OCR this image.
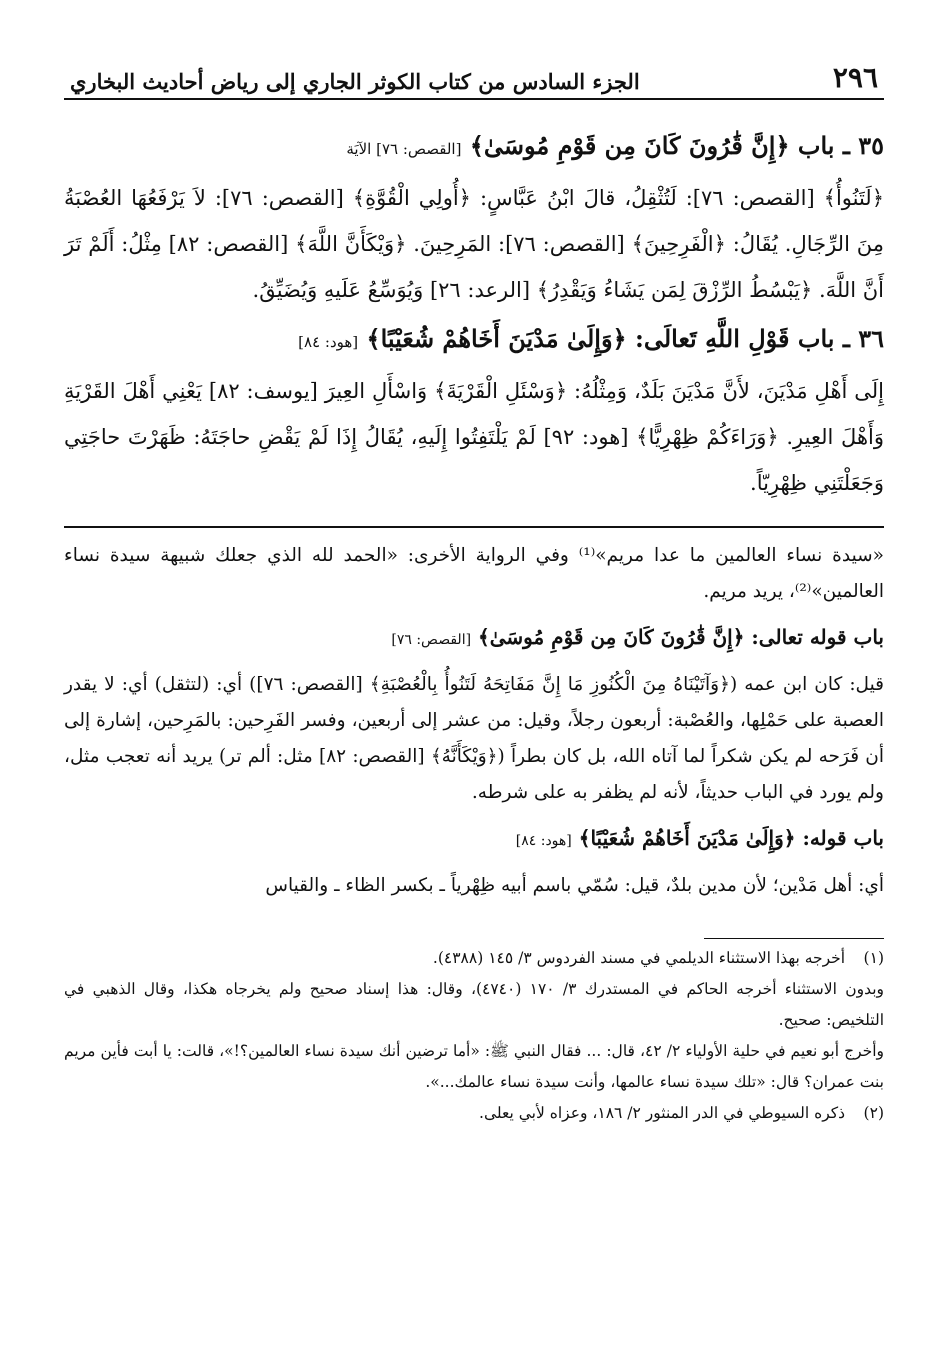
٢٩٦
الجزء السادس من كتاب الكوثر الجاري إلى رياض أحاديث البخاري
٣٥ ـ باب ﴿إِنَّ قَٰرُونَ كَانَ مِن قَوْمِ مُوسَىٰ﴾ [القصص: ٧٦] الآيَة

﴿لَتَنُوأُ﴾ [القصص: ٧٦]: لَتُثْقِلُ، قالَ ابْنُ عَبَّاسٍ: ﴿أُولِي الْقُوَّةِ﴾ [القصص: ٧٦]: لاَ يَرْفَعُهَا العُصْبَةُ مِنَ الرِّجَالِ. يُقَالُ: ﴿الْفَرِحِينَ﴾ [القصص: ٧٦]: المَرِحِينَ. ﴿وَيْكَأَنَّ اللَّهَ﴾ [القصص: ٨٢] مِثْلُ: أَلَمْ تَرَ أَنَّ اللَّهَ. ﴿يَبْسُطُ الرِّزْقَ لِمَن يَشَاءُ وَيَقْدِرُ﴾ [الرعد: ٢٦] وَيُوَسِّعُ عَلَيهِ وَيُضَيِّقُ.

٣٦ ـ باب قَوْلِ اللَّهِ تَعالَى: ﴿وَإِلَىٰ مَدْيَنَ أَخَاهُمْ شُعَيْبًا﴾ [هود: ٨٤]

إِلَى أَهْلِ مَدْيَنَ، لأَنَّ مَدْيَنَ بَلَدٌ، وَمِثْلُهُ: ﴿وَسْئَلِ الْقَرْيَةَ﴾ وَاسْأَلِ العِيرَ [يوسف: ٨٢] يَعْنِي أَهْلَ القَرْيَةِ وَأَهْلَ العِيرِ. ﴿وَرَاءَكُمْ ظِهْرِيًّا﴾ [هود: ٩٢] لَمْ يَلْتَفِتُوا إِلَيهِ، يُقَالُ إِذَا لَمْ يَقْضِ حاجَتَهُ: ظَهَرْتَ حاجَتِي وَجَعَلْتَنِي ظِهْرِيّاً.

«سيدة نساء العالمين ما عدا مريم»⁽¹⁾ وفي الرواية الأخرى: «الحمد لله الذي جعلك شبيهة سيدة نساء العالمين»⁽²⁾، يريد مريم.

باب قوله تعالى: ﴿إِنَّ قَٰرُونَ كَانَ مِن قَوْمِ مُوسَىٰ﴾ [القصص: ٧٦]

قيل: كان ابن عمه (﴿وَآتَيْنَاهُ مِنَ الْكُنُوزِ مَا إِنَّ مَفَاتِحَهُ لَتَنُوأُ بِالْعُصْبَةِ﴾ [القصص: ٧٦]) أي: (لتثقل) أي: لا يقدر العصبة على حَمْلِها، والعُصْبة: أربعون رجلاً، وقيل: من عشر إلى أربعين، وفسر الفَرِحين: بالمَرِحين، إشارة إلى أن فَرَحه لم يكن شكراً لما آتاه الله، بل كان بطراً (﴿وَيْكَأَنَّهُ﴾ [القصص: ٨٢] مثل: ألم تر) يريد أنه تعجب مثل، ولم يورد في الباب حديثاً، لأنه لم يظفر به على شرطه.

باب قوله: ﴿وَإِلَىٰ مَدْيَنَ أَخَاهُمْ شُعَيْبًا﴾ [هود: ٨٤]

أي: أهل مَدْين؛ لأن مدين بلدٌ، قيل: سُمّي باسم أبيه ظِهْرياً ـ بكسر الظاء ـ والقياس

(١) أخرجه بهذا الاستثناء الديلمي في مسند الفردوس ٣/ ١٤٥ (٤٣٨٨).

وبدون الاستثناء أخرجه الحاكم في المستدرك ٣/ ١٧٠ (٤٧٤٠)، وقال: هذا إسناد صحيح ولم يخرجاه هكذا، وقال الذهبي في التلخيص: صحيح.

وأخرج أبو نعيم في حلية الأولياء ٢/ ٤٢، قال: ... فقال النبي ﷺ: «أما ترضين أنك سيدة نساء العالمين؟!»، قالت: يا أبت فأين مريم بنت عمران؟ قال: «تلك سيدة نساء عالمها، وأنت سيدة نساء عالمك...».

(٢) ذكره السيوطي في الدر المنثور ٢/ ١٨٦، وعزاه لأبي يعلى.
